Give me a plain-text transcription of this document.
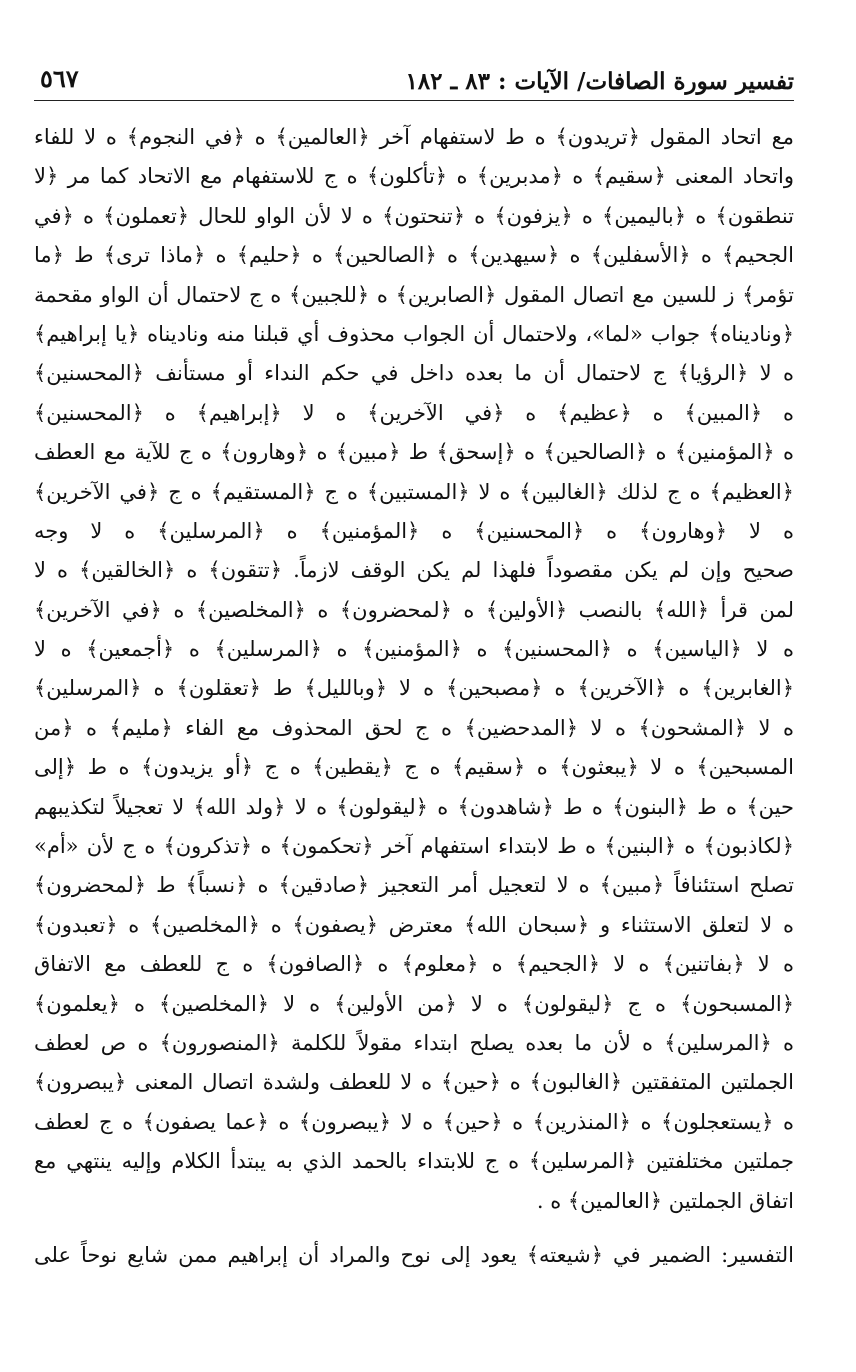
تفسير سورة الصافات/ الآيات : ٨٣ ـ ١٨٢
٥٦٧
مع اتحاد المقول ﴿تريدون﴾ ه ط لاستفهام آخر ﴿العالمين﴾ ه ﴿في النجوم﴾ ه لا للفاء
واتحاد المعنى ﴿سقيم﴾ ه ﴿مدبرين﴾ ه ﴿تأكلون﴾ ه ج للاستفهام مع الاتحاد كما مر ﴿لا
تنطقون﴾ ه ﴿باليمين﴾ ه ﴿يزفون﴾ ه ﴿تنحتون﴾ ه لا لأن الواو للحال ﴿تعملون﴾ ه ﴿في
الجحيم﴾ ه ﴿الأسفلين﴾ ه ﴿سيهدين﴾ ه ﴿الصالحين﴾ ه ﴿حليم﴾ ه ﴿ماذا ترى﴾ ط ﴿ما
تؤمر﴾ ز للسين مع اتصال المقول ﴿الصابرين﴾ ه ﴿للجبين﴾ ه ج لاحتمال أن الواو مقحمة
﴿وناديناه﴾ جواب «لما»، ولاحتمال أن الجواب محذوف أي قبلنا منه وناديناه ﴿يا إبراهيم﴾
ه لا ﴿الرؤيا﴾ ج لاحتمال أن ما بعده داخل في حكم النداء أو مستأنف ﴿المحسنين﴾
ه ﴿المبين﴾ ه ﴿عظيم﴾ ه ﴿في الآخرين﴾ ه لا ﴿إبراهيم﴾ ه ﴿المحسنين﴾
ه ﴿المؤمنين﴾ ه ﴿الصالحين﴾ ه ﴿إسحق﴾ ط ﴿مبين﴾ ه ﴿وهارون﴾ ه ج للآية مع العطف
﴿العظيم﴾ ه ج لذلك ﴿الغالبين﴾ ه لا ﴿المستبين﴾ ه ج ﴿المستقيم﴾ ه ج ﴿في الآخرين﴾
ه لا ﴿وهارون﴾ ه ﴿المحسنين﴾ ه ﴿المؤمنين﴾ ه ﴿المرسلين﴾ ه لا وجه
صحيح وإن لم يكن مقصوداً فلهذا لم يكن الوقف لازماً. ﴿تتقون﴾ ه ﴿الخالقين﴾ ه لا
لمن قرأ ﴿الله﴾ بالنصب ﴿الأولين﴾ ه ﴿لمحضرون﴾ ه ﴿المخلصين﴾ ه ﴿في الآخرين﴾
ه لا ﴿الياسين﴾ ه ﴿المحسنين﴾ ه ﴿المؤمنين﴾ ه ﴿المرسلين﴾ ه ﴿أجمعين﴾ ه لا
﴿الغابرين﴾ ه ﴿الآخرين﴾ ه ﴿مصبحين﴾ ه لا ﴿وبالليل﴾ ط ﴿تعقلون﴾ ه ﴿المرسلين﴾
ه لا ﴿المشحون﴾ ه لا ﴿المدحضين﴾ ه ج لحق المحذوف مع الفاء ﴿مليم﴾ ه ﴿من
المسبحين﴾ ه لا ﴿يبعثون﴾ ه ﴿سقيم﴾ ه ج ﴿يقطين﴾ ه ج ﴿أو يزيدون﴾ ه ط ﴿إلى
حين﴾ ه ط ﴿البنون﴾ ه ط ﴿شاهدون﴾ ه ﴿ليقولون﴾ ه لا ﴿ولد الله﴾ لا تعجيلاً لتكذيبهم
﴿لكاذبون﴾ ه ﴿البنين﴾ ه ط لابتداء استفهام آخر ﴿تحكمون﴾ ه ﴿تذكرون﴾ ه ج لأن «أم»
تصلح استئنافاً ﴿مبين﴾ ه لا لتعجيل أمر التعجيز ﴿صادقين﴾ ه ﴿نسباً﴾ ط ﴿لمحضرون﴾
ه لا لتعلق الاستثناء و ﴿سبحان الله﴾ معترض ﴿يصفون﴾ ه ﴿المخلصين﴾ ه ﴿تعبدون﴾
ه لا ﴿بفاتنين﴾ ه لا ﴿الجحيم﴾ ه ﴿معلوم﴾ ه ﴿الصافون﴾ ه ج للعطف مع الاتفاق
﴿المسبحون﴾ ه ج ﴿ليقولون﴾ ه لا ﴿من الأولين﴾ ه لا ﴿المخلصين﴾ ه ﴿يعلمون﴾
ه ﴿المرسلين﴾ ه لأن ما بعده يصلح ابتداء مقولاً للكلمة ﴿المنصورون﴾ ه ص لعطف
الجملتين المتفقتين ﴿الغالبون﴾ ه ﴿حين﴾ ه لا للعطف ولشدة اتصال المعنى ﴿يبصرون﴾
ه ﴿يستعجلون﴾ ه ﴿المنذرين﴾ ه ﴿حين﴾ ه لا ﴿يبصرون﴾ ه ﴿عما يصفون﴾ ه ج لعطف
جملتين مختلفتين ﴿المرسلين﴾ ه ج للابتداء بالحمد الذي به يبتدأ الكلام وإليه ينتهي مع
اتفاق الجملتين ﴿العالمين﴾ ه .
التفسير: الضمير في ﴿شيعته﴾ يعود إلى نوح والمراد أن إبراهيم ممن شايع نوحاً على
